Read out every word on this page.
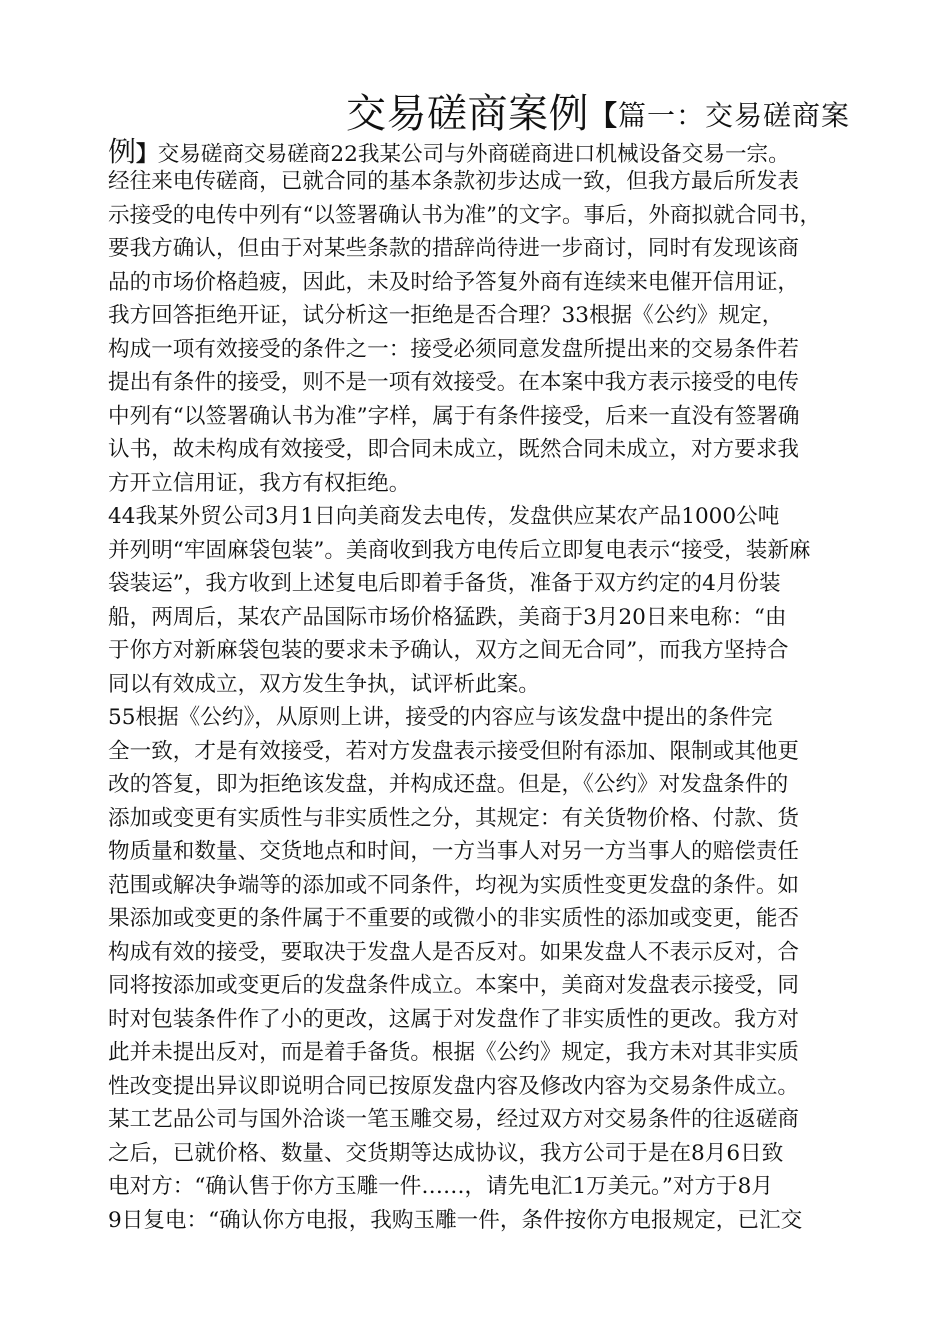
交易磋商案例【篇一：交易磋商案
例】交易磋商交易磋商22我某公司与外商磋商进口机械设备交易一宗。
经往来电传磋商，已就合同的基本条款初步达成一致，但我方最后所发表
示接受的电传中列有“以签署确认书为准”的文字。事后，外商拟就合同书，
要我方确认，但由于对某些条款的措辞尚待进一步商讨，同时有发现该商
品的市场价格趋疲，因此，未及时给予答复外商有连续来电催开信用证，
我方回答拒绝开证，试分析这一拒绝是否合理？33根据《公约》规定，
构成一项有效接受的条件之一：接受必须同意发盘所提出来的交易条件若
提出有条件的接受，则不是一项有效接受。在本案中我方表示接受的电传
中列有“以签署确认书为准”字样，属于有条件接受，后来一直没有签署确
认书，故未构成有效接受，即合同未成立，既然合同未成立，对方要求我
方开立信用证，我方有权拒绝。
44我某外贸公司3月1日向美商发去电传，发盘供应某农产品1000公吨
并列明“牢固麻袋包装”。美商收到我方电传后立即复电表示“接受，装新麻
袋装运”，我方收到上述复电后即着手备货，准备于双方约定的4月份装
船，两周后，某农产品国际市场价格猛跌，美商于3月20日来电称：“由
于你方对新麻袋包装的要求未予确认，双方之间无合同”，而我方坚持合
同以有效成立，双方发生争执，试评析此案。
55根据《公约》，从原则上讲，接受的内容应与该发盘中提出的条件完
全一致，才是有效接受，若对方发盘表示接受但附有添加、限制或其他更
改的答复，即为拒绝该发盘，并构成还盘。但是，《公约》对发盘条件的
添加或变更有实质性与非实质性之分，其规定：有关货物价格、付款、货
物质量和数量、交货地点和时间，一方当事人对另一方当事人的赔偿责任
范围或解决争端等的添加或不同条件，均视为实质性变更发盘的条件。如
果添加或变更的条件属于不重要的或微小的非实质性的添加或变更，能否
构成有效的接受，要取决于发盘人是否反对。如果发盘人不表示反对，合
同将按添加或变更后的发盘条件成立。本案中，美商对发盘表示接受，同
时对包装条件作了小的更改，这属于对发盘作了非实质性的更改。我方对
此并未提出反对，而是着手备货。根据《公约》规定，我方未对其非实质
性改变提出异议即说明合同已按原发盘内容及修改内容为交易条件成立。
某工艺品公司与国外洽谈一笔玉雕交易，经过双方对交易条件的往返磋商
之后，已就价格、数量、交货期等达成协议，我方公司于是在8月6日致
电对方：“确认售于你方玉雕一件……，请先电汇1万美元。”对方于8月
9日复电：“确认你方电报，我购玉雕一件，条件按你方电报规定，已汇交
